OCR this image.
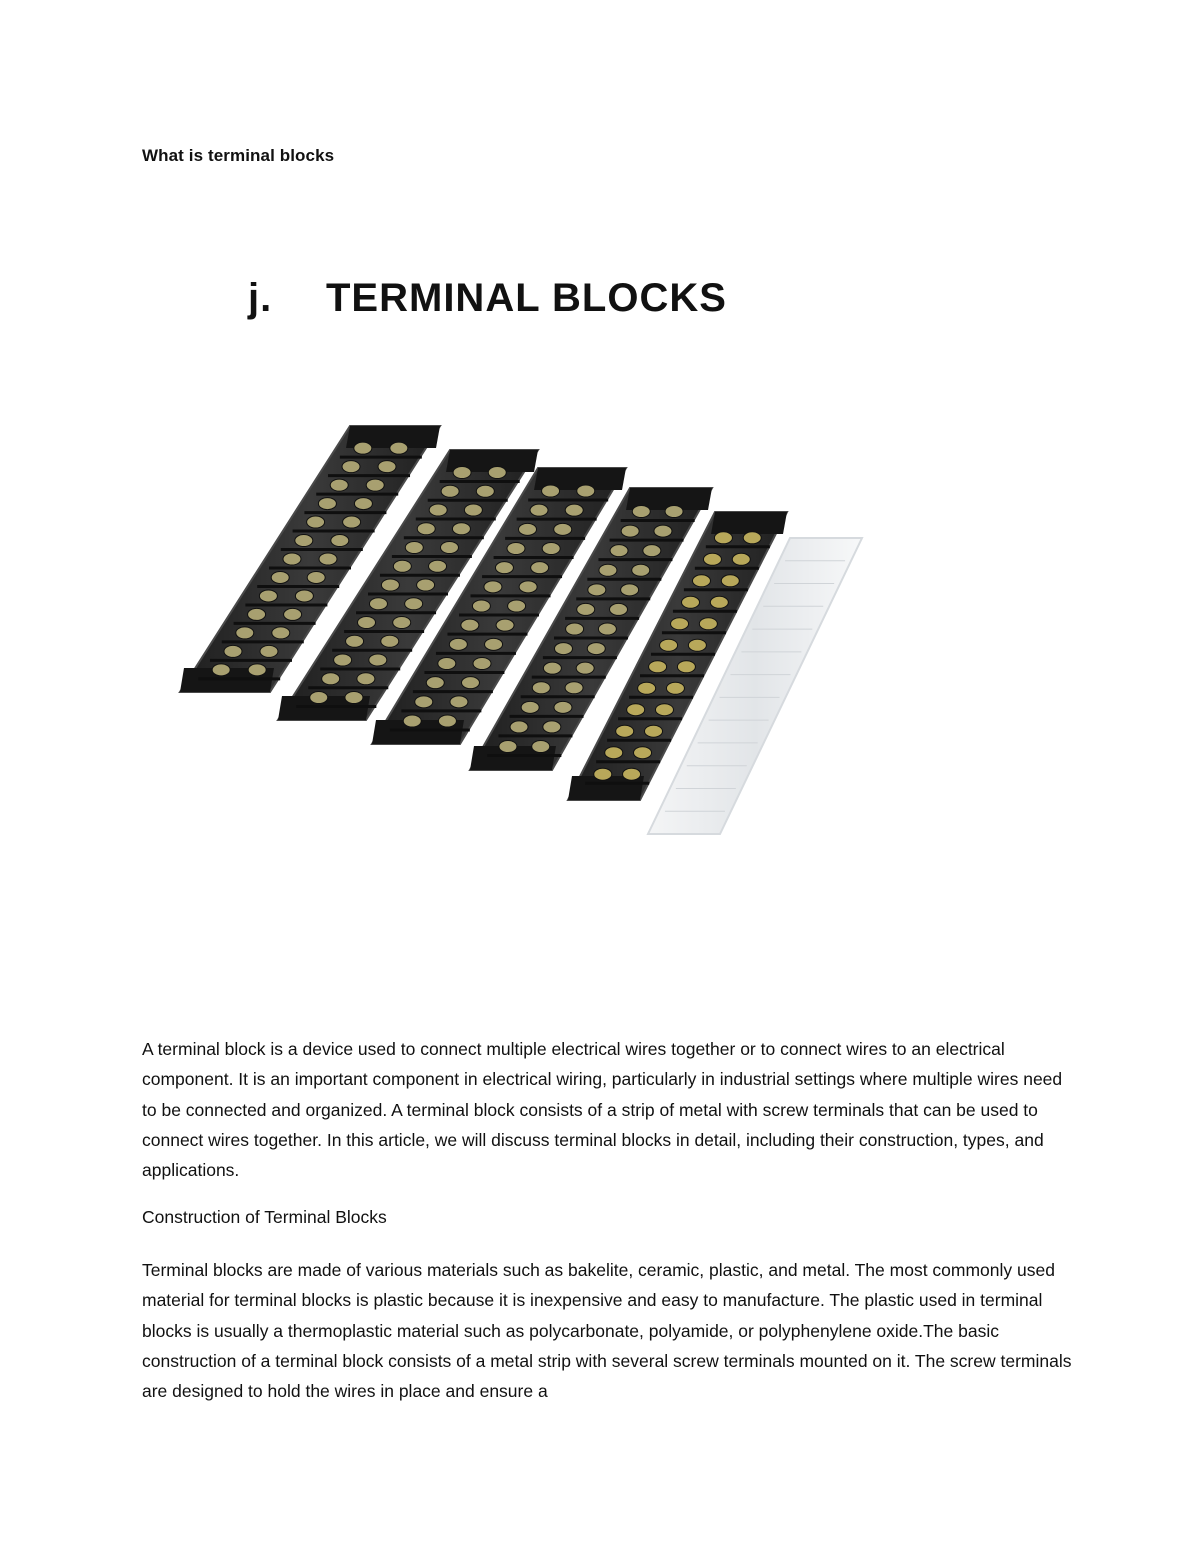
What is terminal blocks
j. TERMINAL BLOCKS

A terminal block is a device used to connect multiple electrical wires together or to connect wires to an electrical component. It is an important component in electrical wiring, particularly in industrial settings where multiple wires need to be connected and organized. A terminal block consists of a strip of metal with screw terminals that can be used to connect wires together. In this article, we will discuss terminal blocks in detail, including their construction, types, and applications.

Construction of Terminal Blocks

Terminal blocks are made of various materials such as bakelite, ceramic, plastic, and metal. The most commonly used material for terminal blocks is plastic because it is inexpensive and easy to manufacture. The plastic used in terminal blocks is usually a thermoplastic material such as polycarbonate, polyamide, or polyphenylene oxide.The basic construction of a terminal block consists of a metal strip with several screw terminals mounted on it. The screw terminals are designed to hold the wires in place and ensure a
